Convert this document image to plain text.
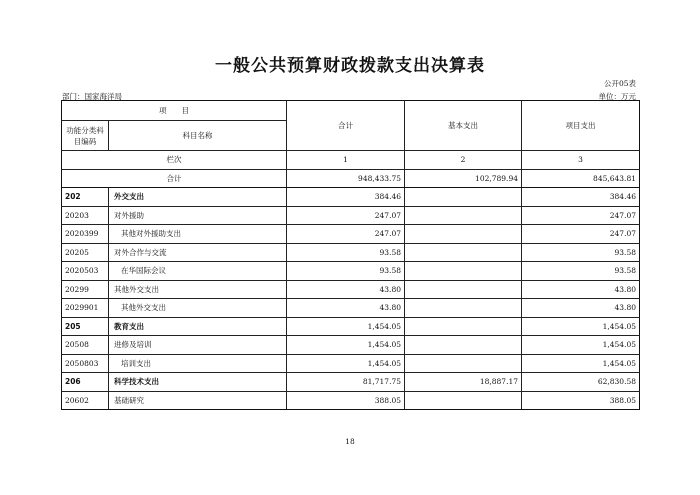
一般公共预算财政拨款支出决算表
公开05表
部门：国家海洋局	单位：万元
项　　目		合计	基本支出	项目支出
功能分类科目编码	科目名称			
栏次		1	2	3
合计		948,433.75	102,789.94	845,643.81
202	外交支出	384.46		384.46
20203	对外援助	247.07		247.07
2020399	其他对外援助支出	247.07		247.07
20205	对外合作与交流	93.58		93.58
2020503	在华国际会议	93.58		93.58
20299	其他外交支出	43.80		43.80
2029901	其他外交支出	43.80		43.80
205	教育支出	1,454.05		1,454.05
20508	进修及培训	1,454.05		1,454.05
2050803	培训支出	1,454.05		1,454.05
206	科学技术支出	81,717.75	18,887.17	62,830.58
20602	基础研究	388.05		388.05
18
